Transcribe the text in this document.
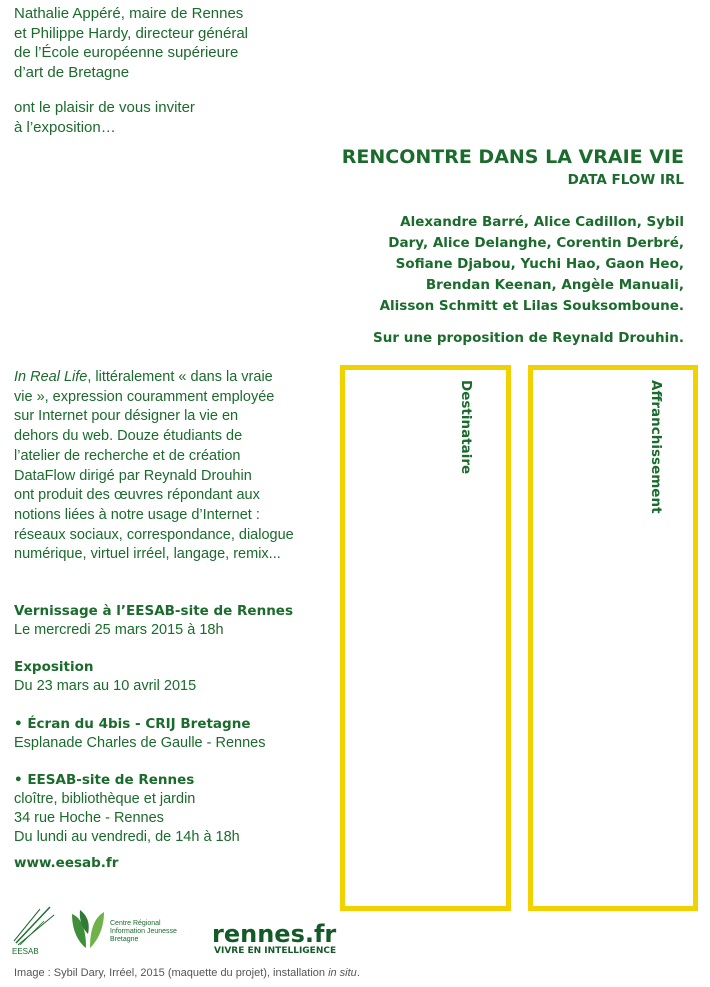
Nathalie Appéré, maire de Rennes
et Philippe Hardy, directeur général
de l’École européenne supérieure
d’art de Bretagne
ont le plaisir de vous inviter
à l’exposition…
RENCONTRE DANS LA VRAIE VIE
DATA FLOW IRL
Alexandre Barré, Alice Cadillon, Sybil
Dary, Alice Delanghe, Corentin Derbré,
Sofiane Djabou, Yuchi Hao, Gaon Heo,
Brendan Keenan, Angèle Manuali,
Alisson Schmitt et Lilas Souksomboune.
Sur une proposition de Reynald Drouhin.
In Real Life, littéralement « dans la vraie
vie », expression couramment employée
sur Internet pour désigner la vie en
dehors du web. Douze étudiants de
l’atelier de recherche et de création
DataFlow dirigé par Reynald Drouhin
ont produit des œuvres répondant aux
notions liées à notre usage d’Internet :
réseaux sociaux, correspondance, dialogue
numérique, virtuel irréel, langage, remix...
Vernissage à l’EESAB-site de Rennes
Le mercredi 25 mars 2015 à 18h
Exposition
Du 23 mars au 10 avril 2015
• Écran du 4bis - CRIJ Bretagne
Esplanade Charles de Gaulle - Rennes
• EESAB-site de Rennes
cloître, bibliothèque et jardin
34 rue Hoche - Rennes
Du lundi au vendredi, de 14h à 18h
www.eesab.fr
Destinataire	Affranchissement
EESAB
Centre Régional
Information Jeunesse
Bretagne	rennes.fr
VIVRE EN INTELLIGENCE
Image : Sybil Dary, Irréel, 2015 (maquette du projet), installation in situ.
